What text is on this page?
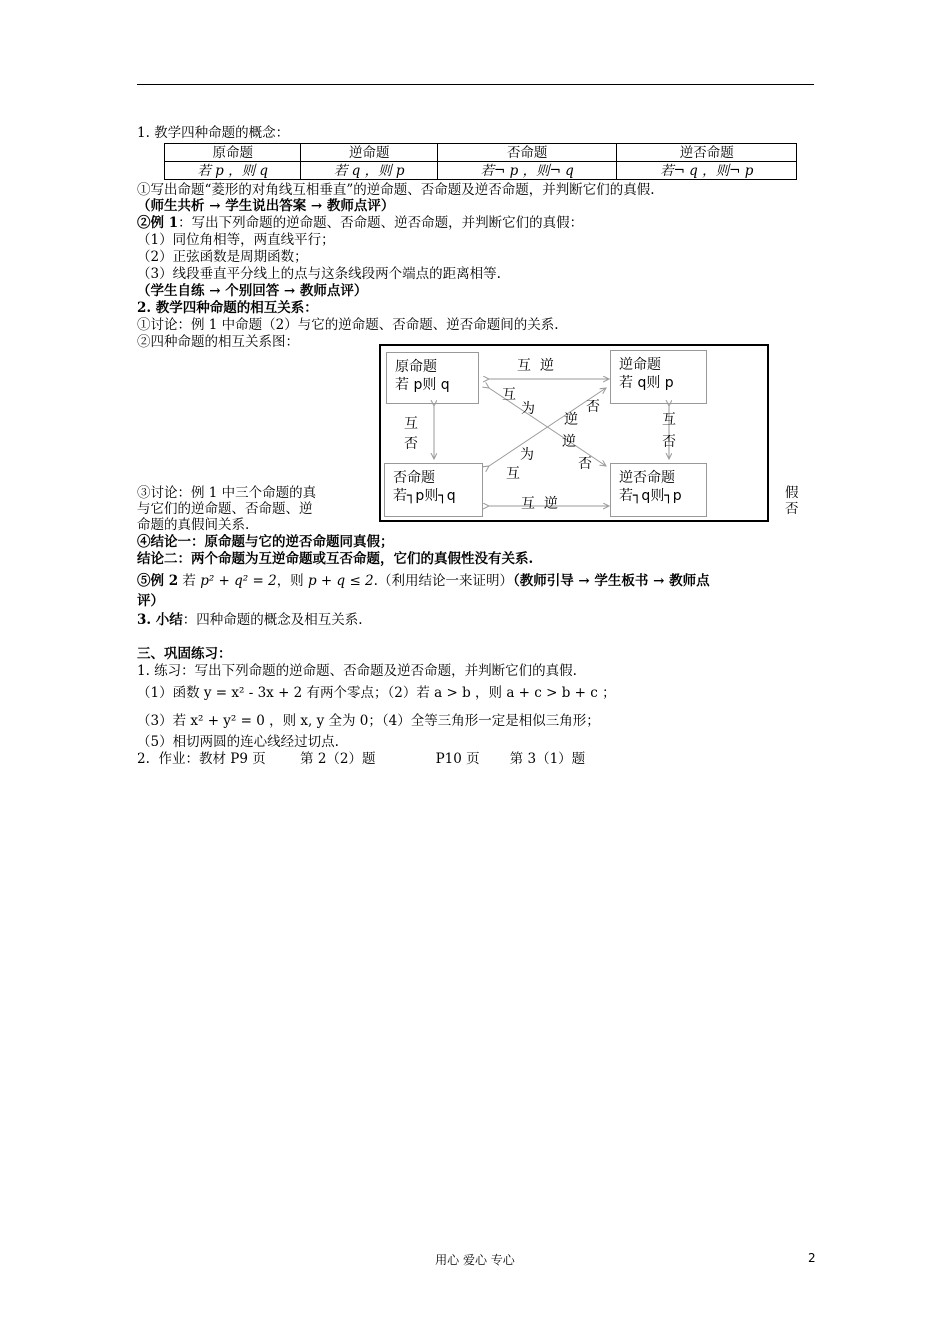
1. 教学四种命题的概念：
原命题	逆命题	否命题	逆否命题
若 p ，则 q	若 q ，则 p	若¬ p ，则¬ q	若¬ q ，则¬ p
①写出命题“菱形的对角线互相垂直”的逆命题、否命题及逆否命题，并判断它们的真假.
（师生共析 → 学生说出答案 → 教师点评）
②例 1：写出下列命题的逆命题、否命题、逆否命题，并判断它们的真假：
（1）同位角相等，两直线平行；
（2）正弦函数是周期函数；
（3）线段垂直平分线上的点与这条线段两个端点的距离相等.
（学生自练 → 个别回答 → 教师点评）
2. 教学四种命题的相互关系：
①讨论：例 1 中命题（2）与它的逆命题、否命题、逆否命题间的关系.
②四种命题的相互关系图：
原命题
若 p则 q
逆命题
若 q则 p
否命题
若┐p则┐q
逆否命题
若┐q则┐p
互  逆
互  逆
互
否
互
否
互
为
逆
否
逆
为
互
否
③讨论：例 1 中三个命题的真
与它们的逆命题、否命题、逆
命题的真假间关系.
假
否
④结论一：原命题与它的逆否命题同真假；
结论二：两个命题为互逆命题或互否命题，它们的真假性没有关系.
⑤例 2 若 p² + q² = 2，则 p + q ≤ 2.（利用结论一来证明）（教师引导 → 学生板书 → 教师点
评）
3. 小结：四种命题的概念及相互关系.
三、巩固练习：
1. 练习：写出下列命题的逆命题、否命题及逆否命题，并判断它们的真假.
（1）函数 y = x² - 3x + 2 有两个零点；（2）若 a > b ，则 a + c > b + c ；
（3）若 x² + y² = 0 ，则 x, y 全为 0；（4）全等三角形一定是相似三角形；
（5）相切两圆的连心线经过切点.
2.  作业：教材 P9 页        第 2（2）题              P10 页       第 3（1）题
用心 爱心 专心	2
